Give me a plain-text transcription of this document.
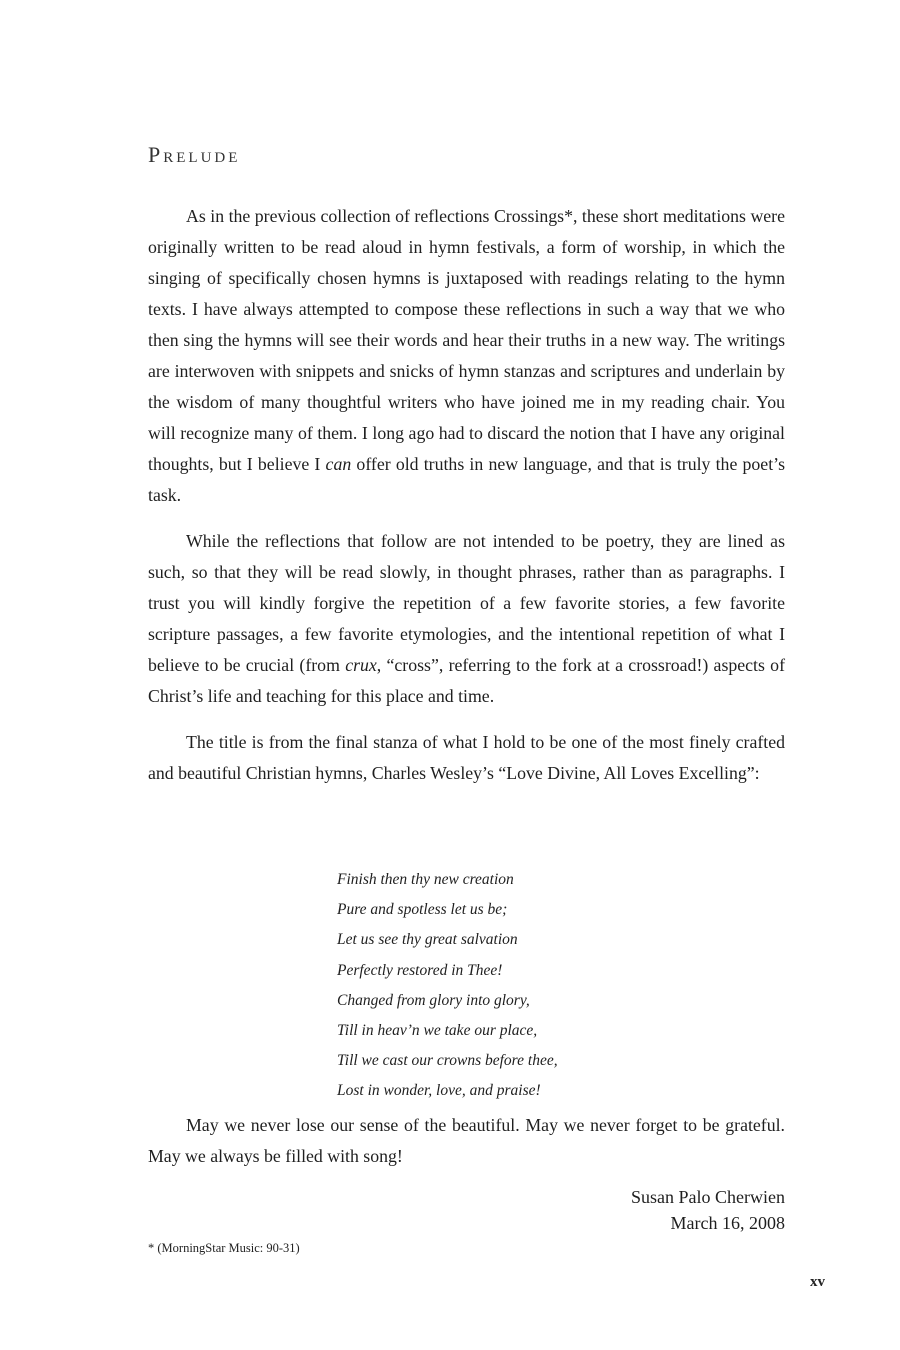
Prelude

As in the previous collection of reflections Crossings*, these short meditations were originally written to be read aloud in hymn festivals, a form of worship, in which the singing of specifically chosen hymns is juxtaposed with readings relating to the hymn texts. I have always attempted to compose these reflections in such a way that we who then sing the hymns will see their words and hear their truths in a new way. The writings are interwoven with snippets and snicks of hymn stanzas and scriptures and underlain by the wisdom of many thoughtful writers who have joined me in my reading chair. You will recognize many of them. I long ago had to discard the notion that I have any original thoughts, but I believe I can offer old truths in new language, and that is truly the poet’s task.

While the reflections that follow are not intended to be poetry, they are lined as such, so that they will be read slowly, in thought phrases, rather than as paragraphs. I trust you will kindly forgive the repetition of a few favorite stories, a few favorite scripture passages, a few favorite etymologies, and the intentional repetition of what I believe to be crucial (from crux, “cross”, referring to the fork at a crossroad!) aspects of Christ’s life and teaching for this place and time.

The title is from the final stanza of what I hold to be one of the most finely crafted and beautiful Christian hymns, Charles Wesley’s “Love Divine, All Loves Excelling”:

Finish then thy new creation
Pure and spotless let us be;
Let us see thy great salvation
Perfectly restored in Thee!
Changed from glory into glory,
Till in heav’n we take our place,
Till we cast our crowns before thee,
Lost in wonder, love, and praise!

May we never lose our sense of the beautiful. May we never forget to be grateful. May we always be filled with song!

Susan Palo Cherwien
March 16, 2008
* (MorningStar Music: 90-31)
xv
